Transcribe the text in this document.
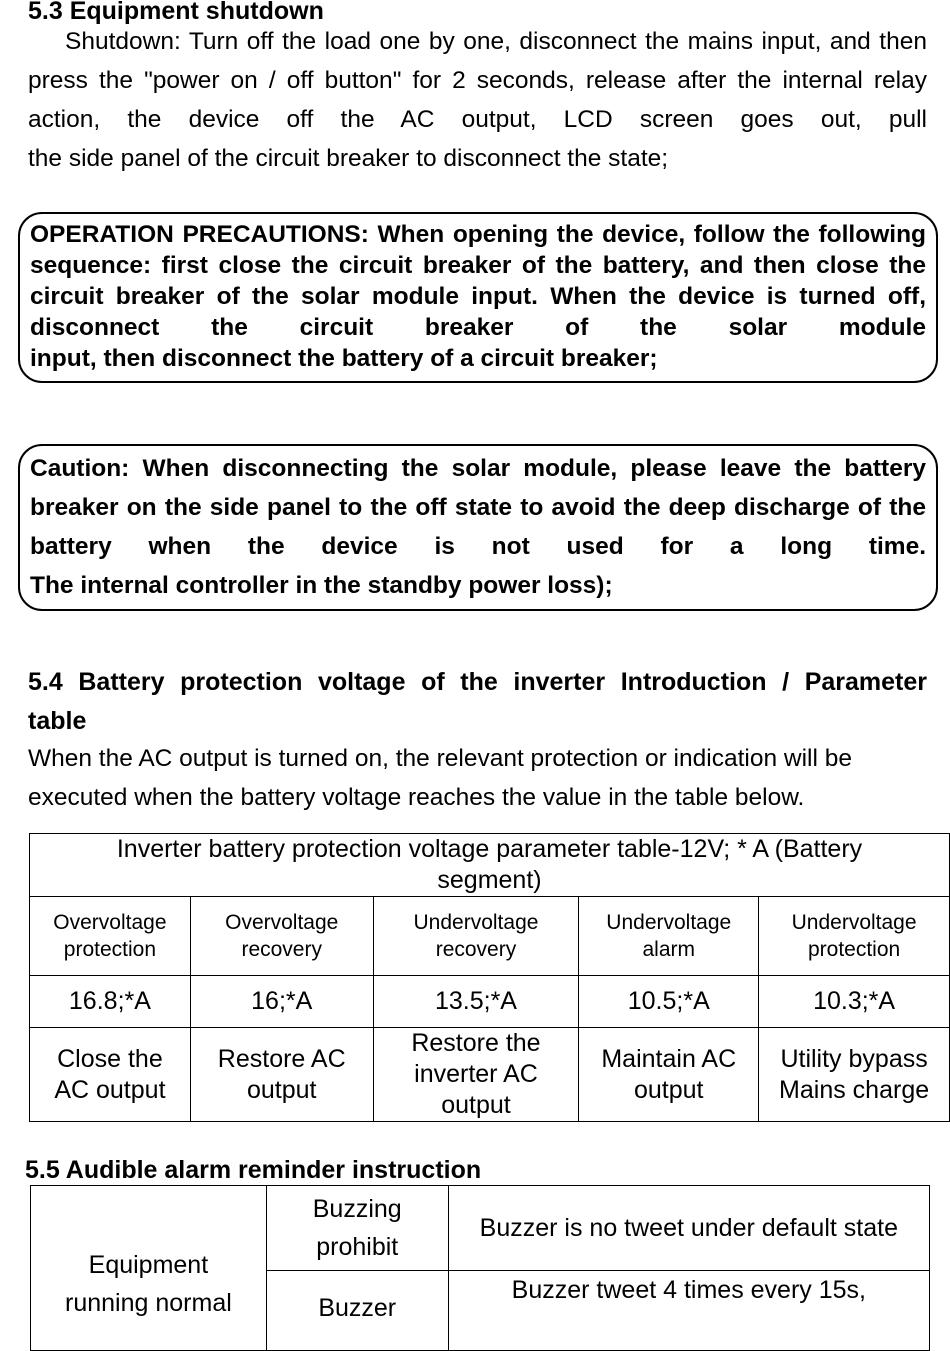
5.3 Equipment shutdown
Shutdown: Turn off the load one by one, disconnect the mains input, and then press the "power on / off button" for 2 seconds, release after the internal relay action, the device off the AC output, LCD screen goes out, pull
the side panel of the circuit breaker to disconnect the state;

OPERATION PRECAUTIONS: When opening the device, follow the following sequence: first close the circuit breaker of the battery, and then close the circuit breaker of the solar module input. When the device is turned off, disconnect the circuit breaker of the solar module

input, then disconnect the battery of a circuit breaker;

Caution: When disconnecting the solar module, please leave the battery breaker on the side panel to the off state to avoid the deep discharge of the battery when the device is not used for a long time.

The internal controller in the standby power loss);

5.4 Battery protection voltage of the inverter Introduction / Parameter
table
When the AC output is turned on, the relevant protection or indication will be
executed when the battery voltage reaches the value in the table below.
Inverter battery protection voltage parameter table-12V; * A (Battery segment)				
Overvoltage
protection	Overvoltage
recovery	Undervoltage
recovery	Undervoltage
alarm	Undervoltage
protection
16.8;*A	16;*A	13.5;*A	10.5;*A	10.3;*A
Close the
AC output	Restore AC
output	Restore the
inverter AC
output	Maintain AC
output	Utility bypass
Mains charge
5.5 Audible alarm reminder instruction
Equipment
running normal	Buzzing
prohibit	Buzzer is no tweet under default state
	Buzzer	Buzzer tweet 4 times every 15s,
